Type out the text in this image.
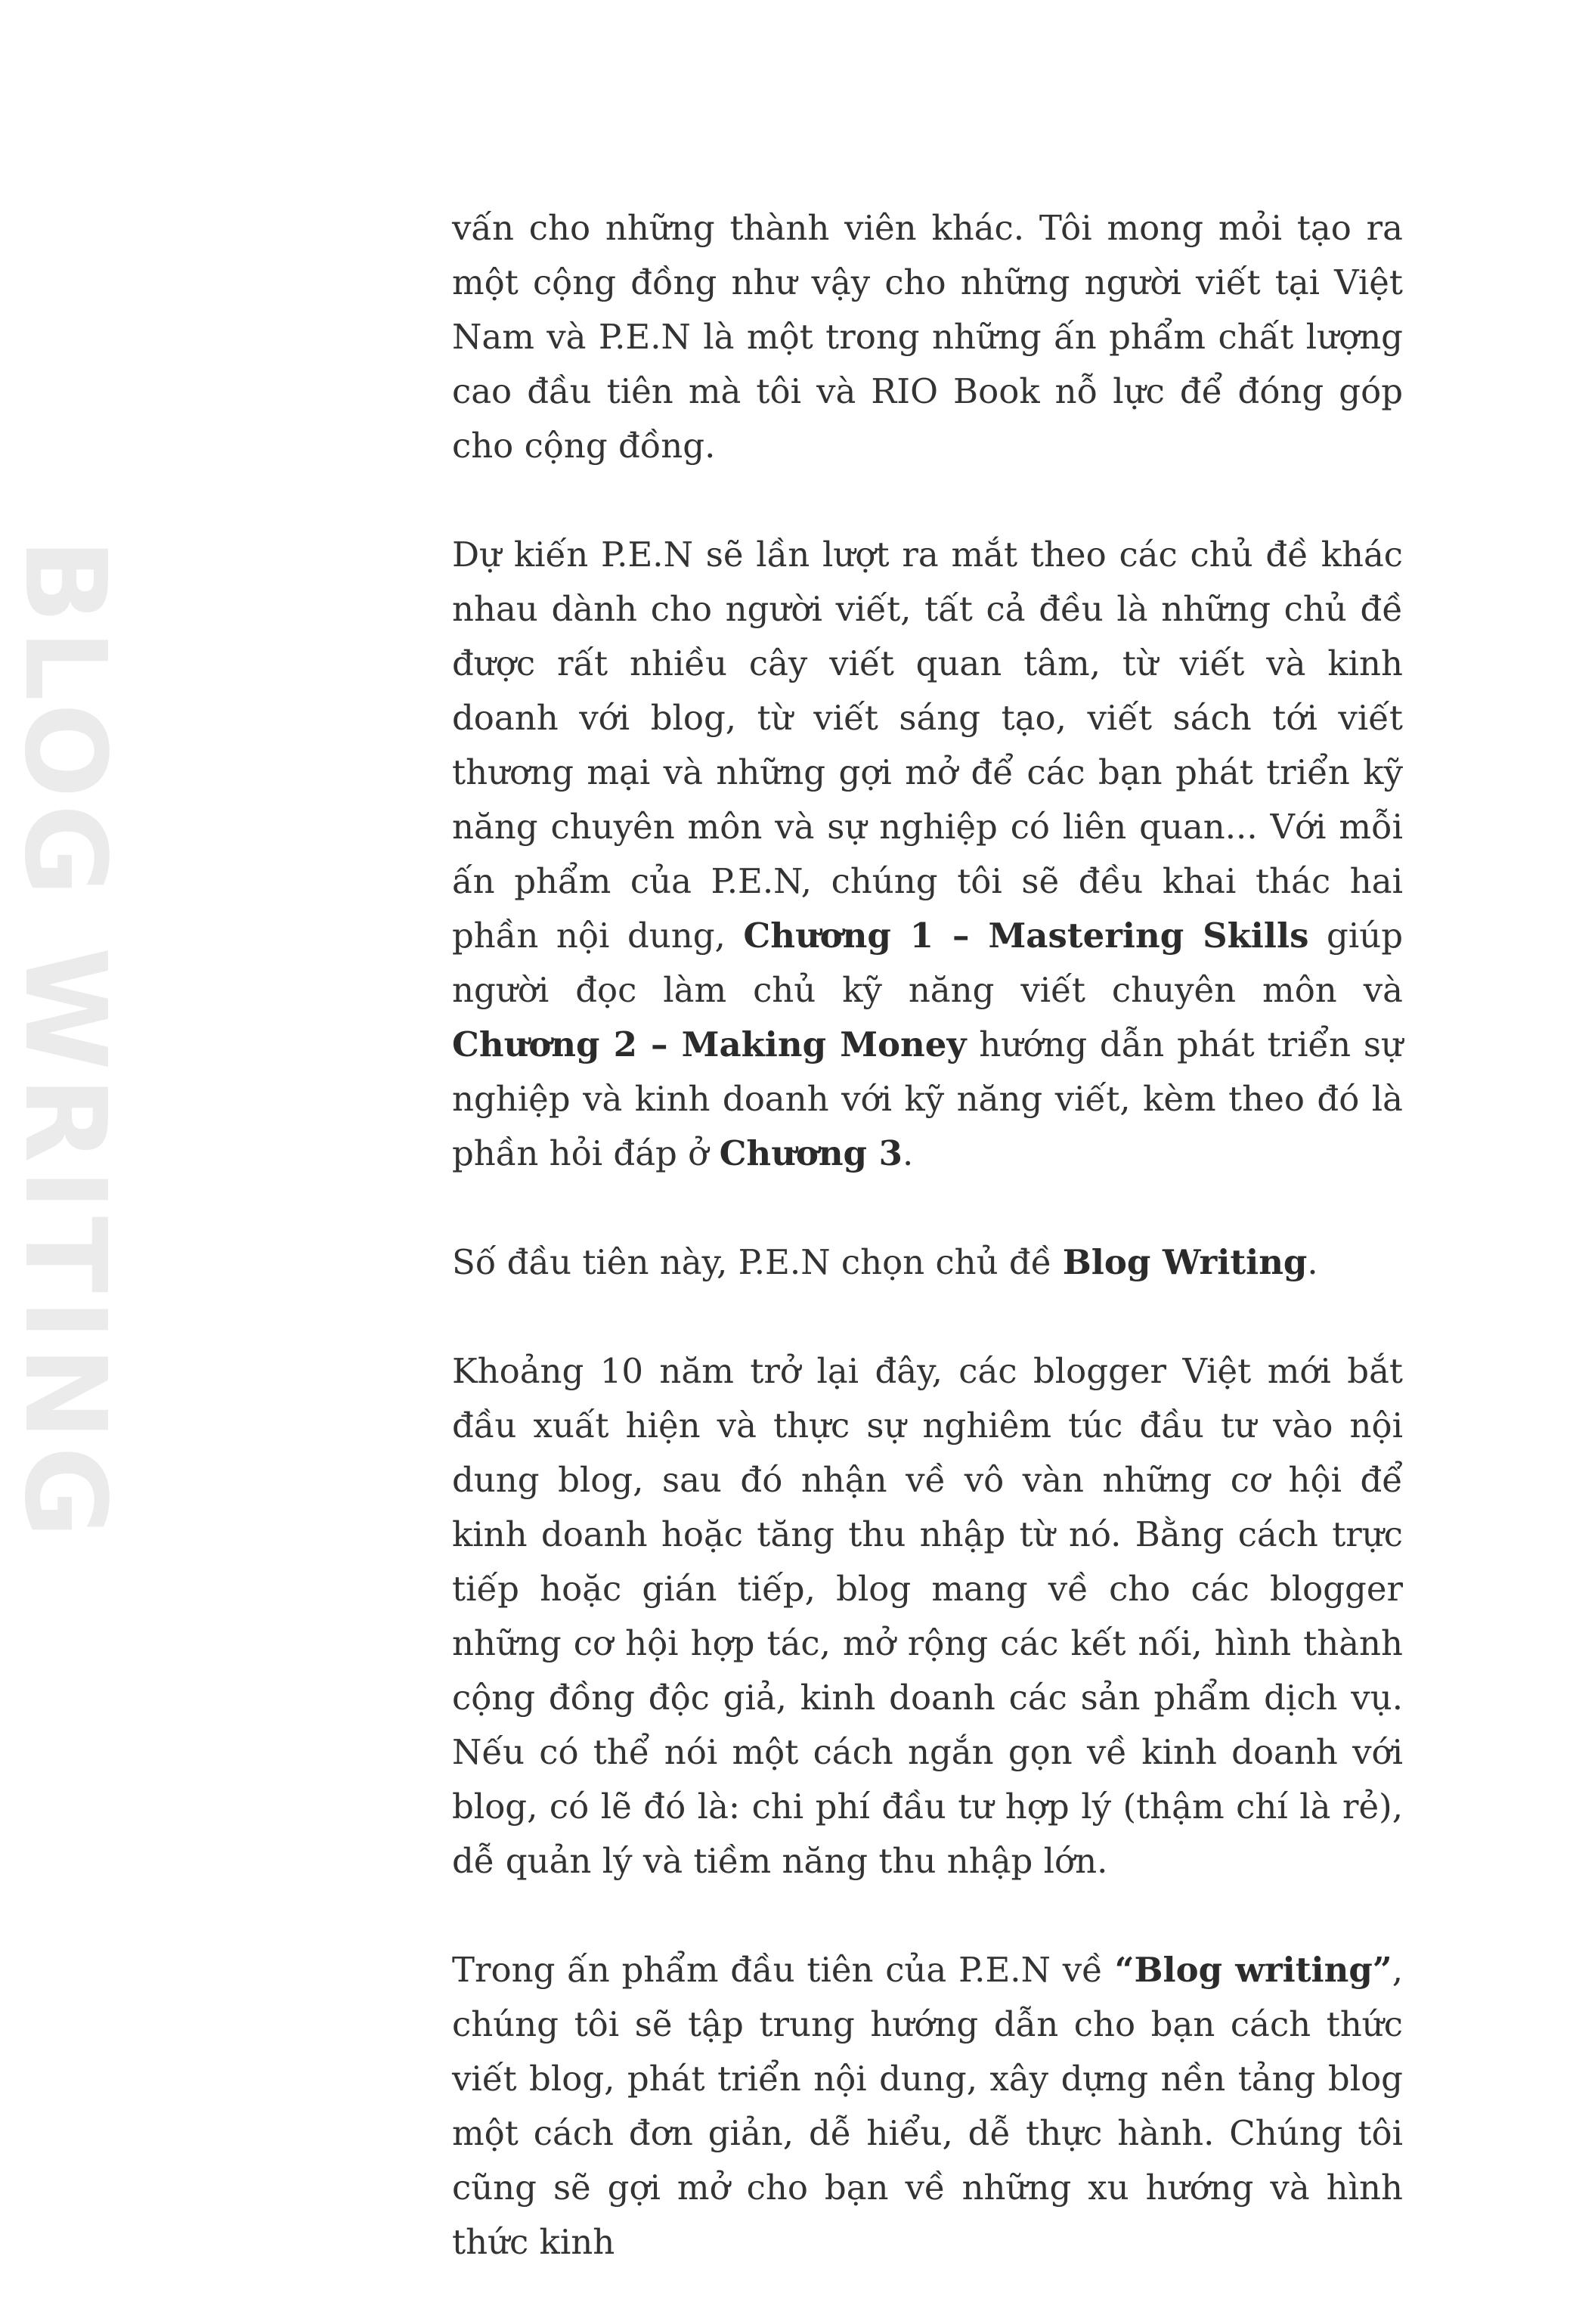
BLOG WRITING

vấn cho những thành viên khác. Tôi mong mỏi tạo ra một cộng đồng như vậy cho những người viết tại Việt Nam và P.E.N là một trong những ấn phẩm chất lượng cao đầu tiên mà tôi và RIO Book nỗ lực để đóng góp cho cộng đồng.

Dự kiến P.E.N sẽ lần lượt ra mắt theo các chủ đề khác nhau dành cho người viết, tất cả đều là những chủ đề được rất nhiều cây viết quan tâm, từ viết và kinh doanh với blog, từ viết sáng tạo, viết sách tới viết thương mại và những gợi mở để các bạn phát triển kỹ năng chuyên môn và sự nghiệp có liên quan... Với mỗi ấn phẩm của P.E.N, chúng tôi sẽ đều khai thác hai phần nội dung, Chương 1 – Mastering Skills giúp người đọc làm chủ kỹ năng viết chuyên môn và Chương 2 – Making Money hướng dẫn phát triển sự nghiệp và kinh doanh với kỹ năng viết, kèm theo đó là phần hỏi đáp ở Chương 3.

Số đầu tiên này, P.E.N chọn chủ đề Blog Writing.

Khoảng 10 năm trở lại đây, các blogger Việt mới bắt đầu xuất hiện và thực sự nghiêm túc đầu tư vào nội dung blog, sau đó nhận về vô vàn những cơ hội để kinh doanh hoặc tăng thu nhập từ nó. Bằng cách trực tiếp hoặc gián tiếp, blog mang về cho các blogger những cơ hội hợp tác, mở rộng các kết nối, hình thành cộng đồng độc giả, kinh doanh các sản phẩm dịch vụ. Nếu có thể nói một cách ngắn gọn về kinh doanh với blog, có lẽ đó là: chi phí đầu tư hợp lý (thậm chí là rẻ), dễ quản lý và tiềm năng thu nhập lớn.

Trong ấn phẩm đầu tiên của P.E.N về “Blog writing”, chúng tôi sẽ tập trung hướng dẫn cho bạn cách thức viết blog, phát triển nội dung, xây dựng nền tảng blog một cách đơn giản, dễ hiểu, dễ thực hành. Chúng tôi cũng sẽ gợi mở cho bạn về những xu hướng và hình thức kinh
